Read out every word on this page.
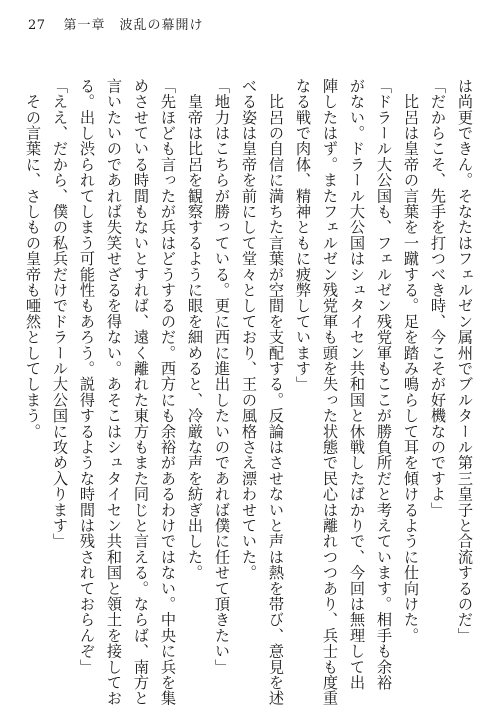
27 第一章　波乱の幕開け

は尚更できん。そなたはフェルゼン属州でブルタール第三皇子と合流するのだ」

「だからこそ、先手を打つべき時、今こそが好機なのですよ」

　比呂は皇帝の言葉を一蹴する。足を踏み鳴らして耳を傾けるように仕向けた。

「ドラール大公国も、フェルゼン残党軍もここが勝負所だと考えています。相手も余裕

がない。ドラール大公国はシュタイセン共和国と休戦したばかりで、今回は無理して出

陣したはず。またフェルゼン残党軍も頭を失った状態で民心は離れつつあり、兵士も度重

なる戦で肉体、精神ともに疲弊しています」

　比呂の自信に満ちた言葉が空間を支配する。反論はさせないと声は熱を帯び、意見を述

べる姿は皇帝を前にして堂々としており、王の風格さえ漂わせていた。

「地力はこちらが勝っている。更に西に進出したいのであれば僕に任せて頂きたい」

　皇帝は比呂を観察するように眼を細めると、冷厳な声を紡ぎ出した。

「先ほども言ったが兵はどうするのだ。西方にも余裕があるわけではない。中央に兵を集

めさせている時間もないとすれば、遠く離れた東方もまた同じと言える。ならば、南方と

言いたいのであれば失笑せざるを得ない。あそこはシュタイセン共和国と領土を接してお

る。出し渋られてしまう可能性もあろう。説得するような時間は残されておらんぞ」

「ええ、だから、僕の私兵だけでドラール大公国に攻め入ります」

　その言葉に、さしもの皇帝も唖然としてしまう。
